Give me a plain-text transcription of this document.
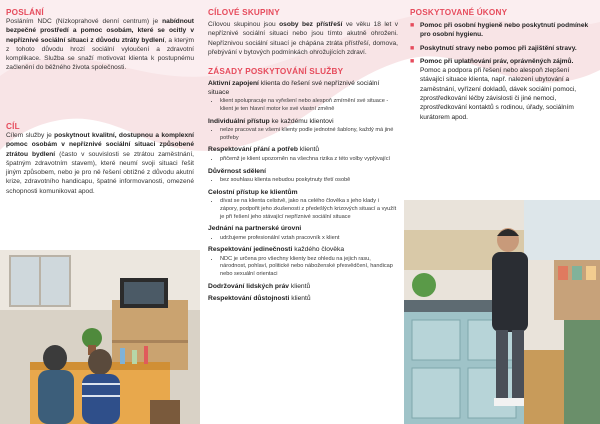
POSLÁNÍ

Posláním NDC (Nízkoprahové denní centrum) je nabídnout bezpečné prostředí a pomoc osobám, které se ocitly v nepříznivé sociální situaci z důvodu ztráty bydlení, a kterým z tohoto důvodu hrozí sociální vyloučení a zdravotní komplikace. Služba se snaží motivovat klienta k postupnému začlenění do běžného života společnosti.

CÍL

Cílem služby je poskytnout kvalitní, dostupnou a komplexní pomoc osobám v nepříznivé sociální situaci způsobené ztrátou bydlení (často v souvislosti se ztrátou zaměstnání, špatným zdravotním stavem), které neumí svoji situaci řešit jiným způsobem, nebo je pro ně řešení obtížné z důvodu akutní krize, zdravotního handicapu, špatné informovanosti, omezené schopnosti komunikovat apod.

CÍLOVÉ SKUPINY

Cílovou skupinou jsou osoby bez přístřeší ve věku 18 let v nepříznivé sociální situaci nebo jsou tímto akutně ohroženi. Nepříznivou sociální situací je chápána ztráta přístřeší, domova, přebývání v bytových podmínkách ohrožujících zdraví.

ZÁSADY POSKYTOVÁNÍ SLUŽBY
Aktivní zapojení klienta do řešení své nepříznivé sociální situace
• klient spolupracuje na vyřešení nebo alespoň zmírnění své situace - klient je ten hlavní motor ke své vlastní změně
Individuální přístup ke každému klientovi
• nelze pracovat se všemi klienty podle jednotné šablony, každý má jiné potřeby
Respektování přání a potřeb klientů
• přičemž je klient upozorněn na všechna rizika z této volby vyplývající
Důvěrnost sdělení
• bez souhlasu klienta nebudou poskytnuty třetí osobě
Celostní přístup ke klientům
• dívat se na klienta celistvě, jako na celého člověka s jeho klady i zápory, podpořit jeho zkušenosti z předešlých krizových situací a využít je při řešení jeho stávající nepříznivé sociální situace
Jednání na partnerské úrovni
• udržujeme profesionální vztah pracovník x klient
Respektování jedinečnosti každého člověka
• NDC je určena pro všechny klienty bez ohledu na jejich rasu, národnost, pohlaví, politické nebo náboženské přesvědčení, handicap nebo sexuální orientaci
Dodržování lidských práv klientů
Respektování důstojnosti klientů
POSKYTOVANÉ ÚKONY
■ Pomoc při osobní hygieně nebo poskytnutí podmínek pro osobní hygienu.
■ Poskytnutí stravy nebo pomoc při zajištění stravy.
■ Pomoc při uplatňování práv, oprávněných zájmů. Pomoc a podpora při řešení nebo alespoň zlepšení stávající situace klienta, např. nalezení ubytování a zaměstnání, vyřízení dokladů, dávek sociální pomoci, zprostředkování léčby závislosti či jiné nemoci, zprostředkování kontaktů s rodinou, úřady, sociálním kurátorem apod.
